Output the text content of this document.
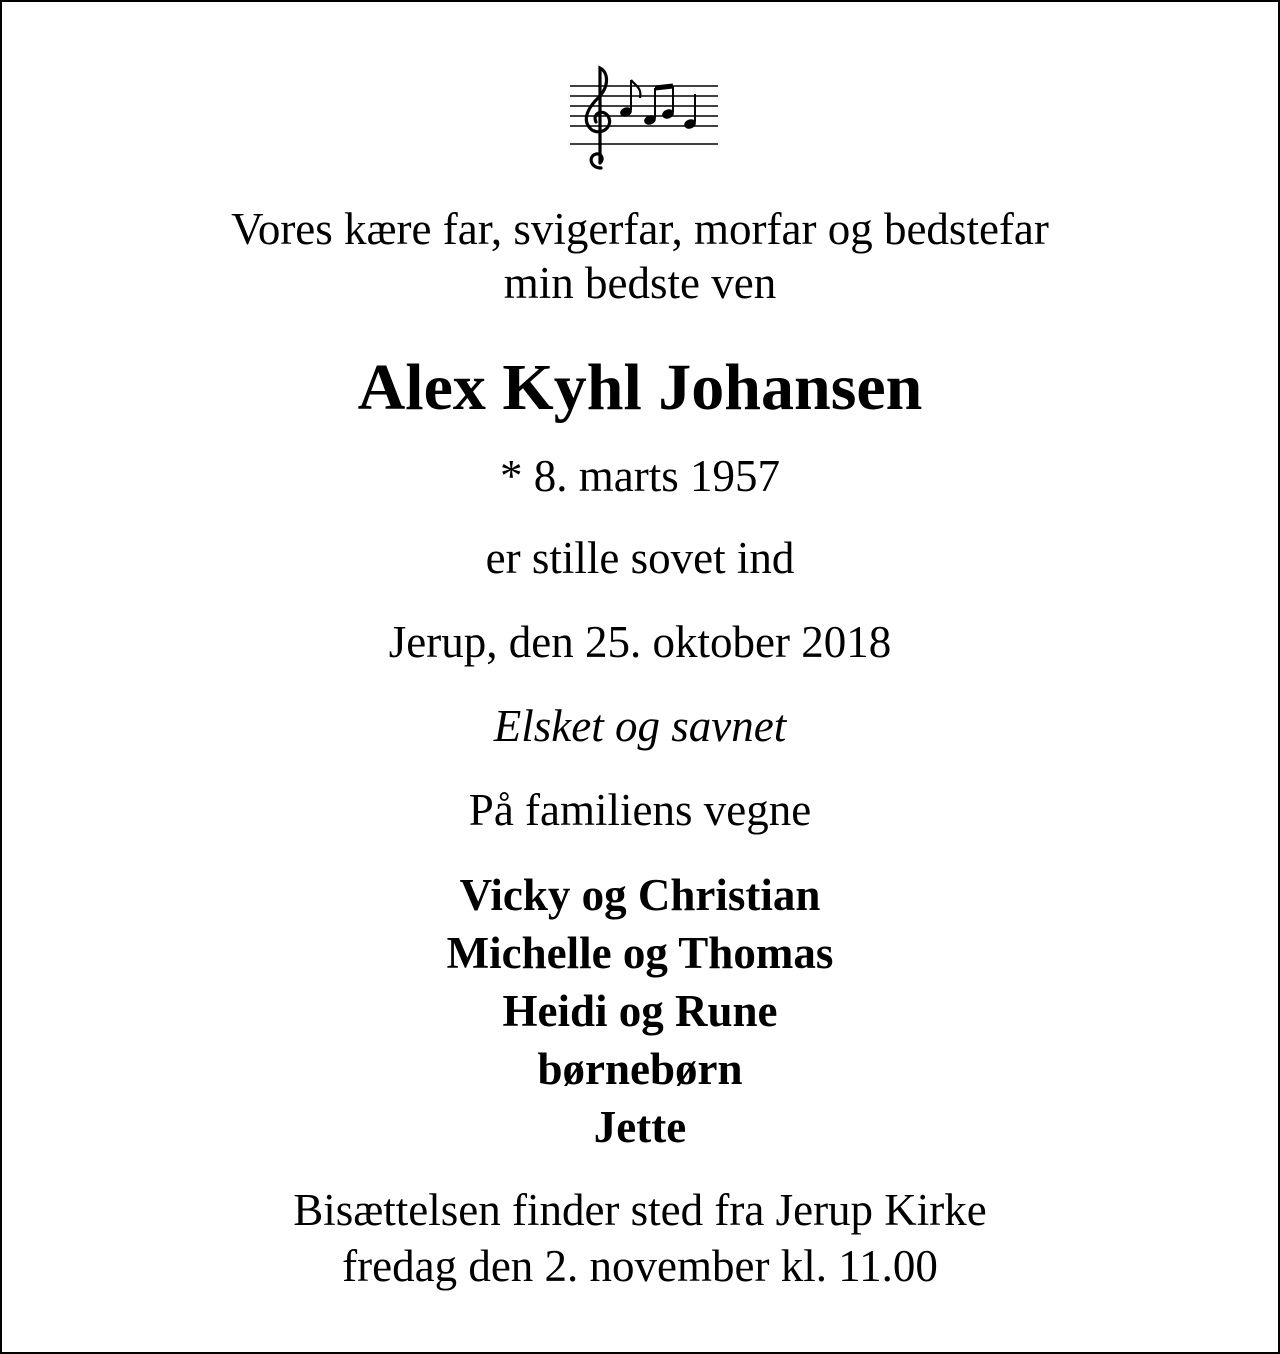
Vores kære far, svigerfar, morfar og bedstefar
min bedste ven
Alex Kyhl Johansen
* 8. marts 1957
er stille sovet ind
Jerup, den 25. oktober 2018
Elsket og savnet
På familiens vegne
Vicky og Christian
Michelle og Thomas
Heidi og Rune
børnebørn
Jette
Bisættelsen finder sted fra Jerup Kirke
fredag den 2. november kl. 11.00
